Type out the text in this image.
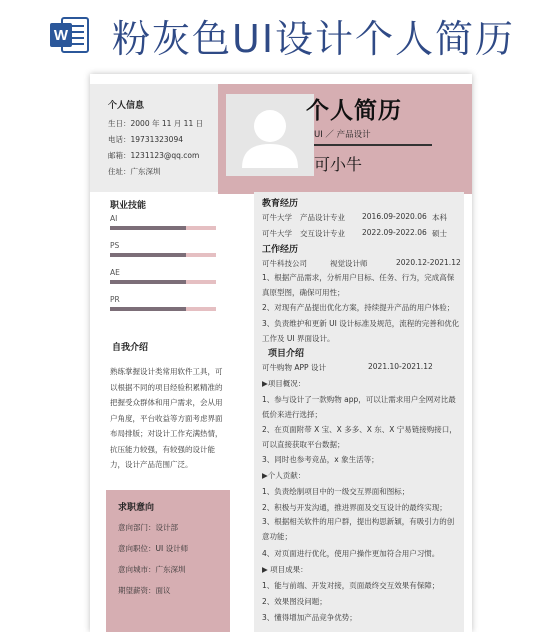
W 粉灰色UI设计个人简历
个人信息
生日：2000 年 11 月 11 日
电话：19731323094
邮箱：1231123@qq.com
住址：广东深圳
个人简历
UI ／ 产品设计
可小牛
职业技能
AI
PS
AE
PR
自我介绍
熟练掌握设计类常用软件工具，可以根据不同的项目经验积累精准的把握受众群体和用户需求，会从用户角度，平台收益等方面考虑界面布局排版；对设计工作充满热情，抗压能力较强，有较强的设计能力，设计产品范围广泛。
求职意向
意向部门：设计部
意向职位：UI 设计师
意向城市：广东深圳
期望薪资：面议
教育经历
可牛大学 产品设计专业 2016.09-2020.06 本科
可牛大学 交互设计专业 2022.09-2022.06 硕士
工作经历
可牛科技公司	视觉设计师	2020.12-2021.12
1、根据产品需求，分析用户目标、任务、行为，完成高保真原型图，确保可用性；
2、对现有产品提出优化方案，持续提升产品的用户体验；
3、负责维护和更新 UI 设计标准及规范，流程的完善和优化工作及 UI 界面设计。
项目介绍
可牛购物 APP 设计	2021.10-2021.12
▶项目概况：
1、参与设计了一款购物 app，可以让需求用户全网对比最低价来进行选择；
2、在页面附带 X 宝、X 多多、X 东、X 宁易链接购接口，可以直接获取平台数据；
3、同时也参考竞品，x 象生活等；
▶个人贡献：
1、负责绘制项目中的一级交互界面和图标；
2、积极与开发沟通，推进界面及交互设计的最终实现；
3、根据相关软件的用户群，提出构思新颖，有吸引力的创意功能；
4、对页面进行优化，使用户操作更加符合用户习惯。
▶ 项目成果：
1、能与前端、开发对接，页面最终交互效果有保障；
2、效果图没问题；
3、懂得增加产品竞争优势；
